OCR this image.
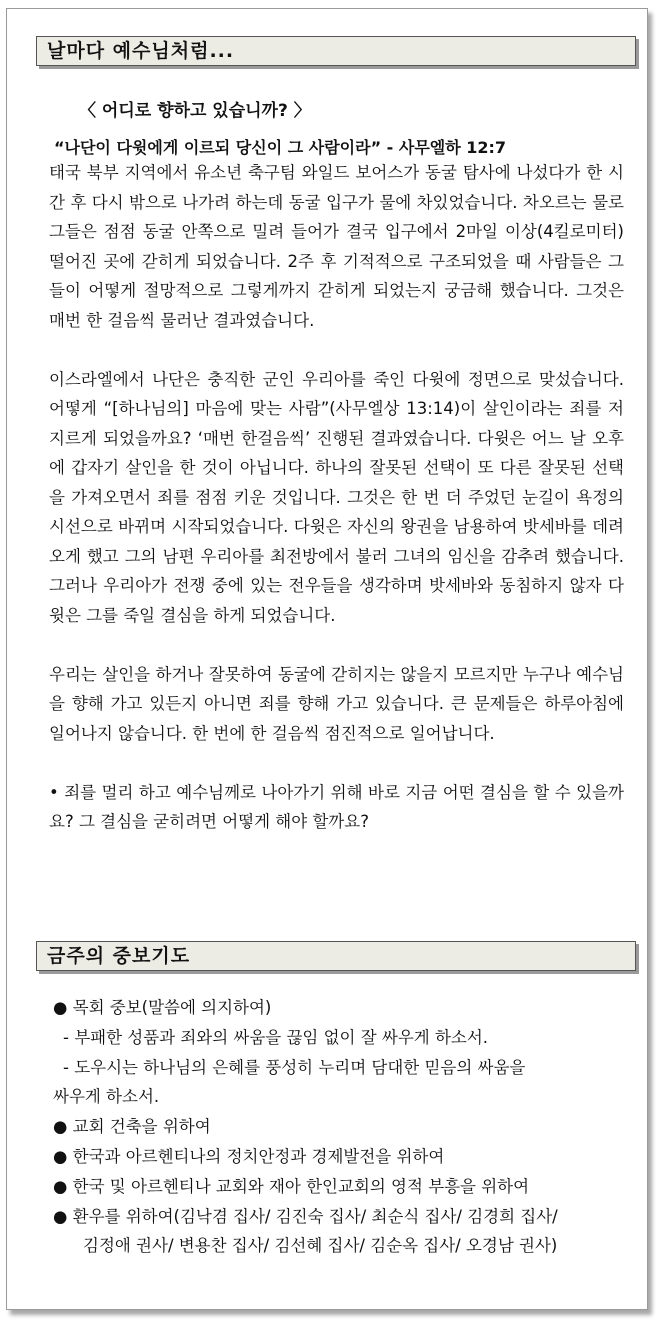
날마다 예수님처럼...
〈 어디로 향하고 있습니까? 〉
“나단이 다윗에게 이르되 당신이 그 사람이라” - 사무엘하 12:7

태국 북부 지역에서 유소년 축구팀 와일드 보어스가 동굴 탐사에 나섰다가 한 시간 후 다시 밖으로 나가려 하는데 동굴 입구가 물에 차있었습니다. 차오르는 물로 그들은 점점 동굴 안쪽으로 밀려 들어가 결국 입구에서 2마일 이상(4킬로미터) 떨어진 곳에 갇히게 되었습니다. 2주 후 기적적으로 구조되었을 때 사람들은 그들이 어떻게 절망적으로 그렇게까지 갇히게 되었는지 궁금해 했습니다. 그것은 매번 한 걸음씩 물러난 결과였습니다.

이스라엘에서 나단은 충직한 군인 우리아를 죽인 다윗에 정면으로 맞섰습니다. 어떻게 “[하나님의] 마음에 맞는 사람”(사무엘상 13:14)이 살인이라는 죄를 저지르게 되었을까요? ‘매번 한걸음씩’ 진행된 결과였습니다. 다윗은 어느 날 오후에 갑자기 살인을 한 것이 아닙니다. 하나의 잘못된 선택이 또 다른 잘못된 선택을 가져오면서 죄를 점점 키운 것입니다. 그것은 한 번 더 주었던 눈길이 욕정의 시선으로 바뀌며 시작되었습니다. 다윗은 자신의 왕권을 남용하여 밧세바를 데려오게 했고 그의 남편 우리아를 최전방에서 불러 그녀의 임신을 감추려 했습니다. 그러나 우리아가 전쟁 중에 있는 전우들을 생각하며 밧세바와 동침하지 않자 다윗은 그를 죽일 결심을 하게 되었습니다.

우리는 살인을 하거나 잘못하여 동굴에 갇히지는 않을지 모르지만 누구나 예수님을 향해 가고 있든지 아니면 죄를 향해 가고 있습니다. 큰 문제들은 하루아침에 일어나지 않습니다. 한 번에 한 걸음씩 점진적으로 일어납니다.

• 죄를 멀리 하고 예수님께로 나아가기 위해 바로 지금 어떤 결심을 할 수 있을까요? 그 결심을 굳히려면 어떻게 해야 할까요?

금주의 중보기도
● 목회 중보(말씀에 의지하여)
- 부패한 성품과 죄와의 싸움을 끊임 없이 잘 싸우게 하소서.
- 도우시는 하나님의 은혜를 풍성히 누리며 담대한 믿음의 싸움을
싸우게 하소서.
● 교회 건축을 위하여
● 한국과 아르헨티나의 정치안정과 경제발전을 위하여
● 한국 및 아르헨티나 교회와 재아 한인교회의 영적 부흥을 위하여
● 환우를 위하여(김낙겸 집사/ 김진숙 집사/ 최순식 집사/ 김경희 집사/
김정애 권사/ 변용찬 집사/ 김선혜 집사/ 김순옥 집사/ 오경남 권사)
